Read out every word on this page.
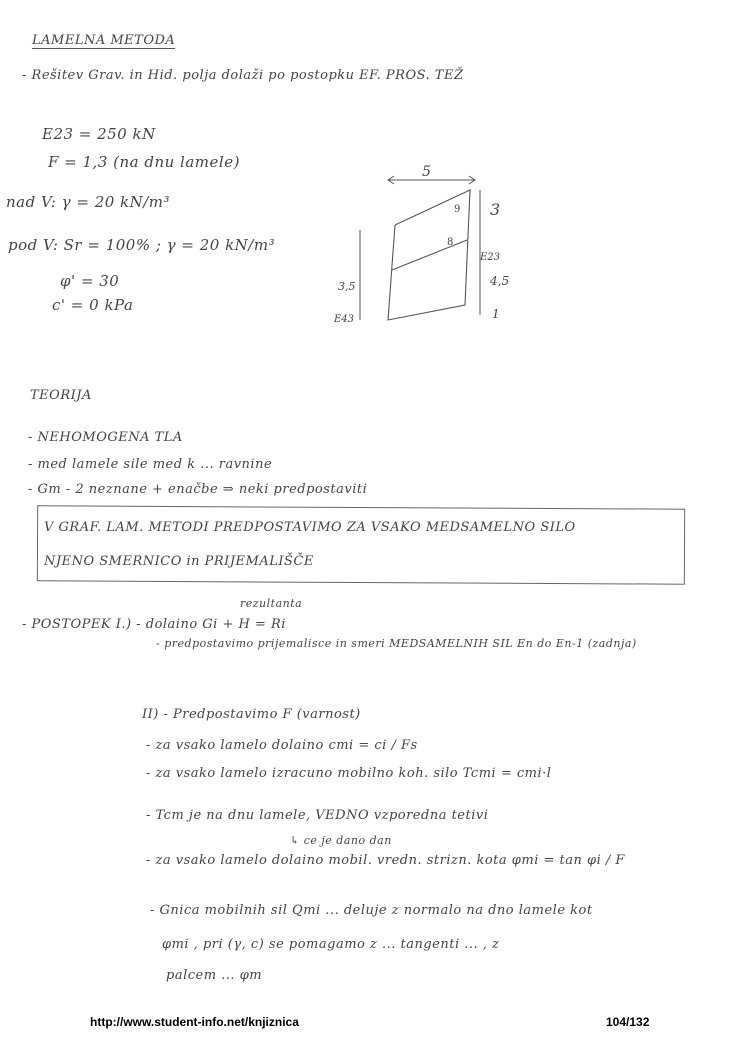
LAMELNA METODA
- Rešitev Grav. in Hid. polja dolaži po postopku EF. PROS. TEŽ
E23 = 250 kN
F = 1,3 (na dnu lamele)
nad V: γ = 20 kN/m³
pod V: Sr = 100% ; γ = 20 kN/m³
φ' = 30
c' = 0 kPa
5
9
8
3
E23
4,5
1
3,5
E43
TEORIJA
- NEHOMOGENA TLA
- med lamele sile med k ... ravnine
- Gm - 2 neznane + enačbe ⇒ neki predpostaviti
V GRAF. LAM. METODI PREDPOSTAVIMO ZA VSAKO MEDSAMELNO SILO
NJENO SMERNICO in PRIJEMALIŠČE
rezultanta
- POSTOPEK I.) - dolaino Gi + H = Ri
- predpostavimo prijemalisce in smeri MEDSAMELNIH SIL En do En-1 (zadnja)
II) - Predpostavimo F (varnost)
- za vsako lamelo dolaino cmi = ci / Fs
- za vsako lamelo izracuno mobilno koh. silo Tcmi = cmi·l
- Tcm je na dnu lamele, VEDNO vzporedna tetivi
↳ ce je dano dan
- za vsako lamelo dolaino mobil. vredn. strizn. kota φmi = tan φi / F
- Gnica mobilnih sil Qmi ... deluje z normalo na dno lamele kot
φmi , pri (γ, c) se pomagamo z ... tangenti ... , z
palcem ... φm
http://www.student-info.net/knjiznica	104/132
